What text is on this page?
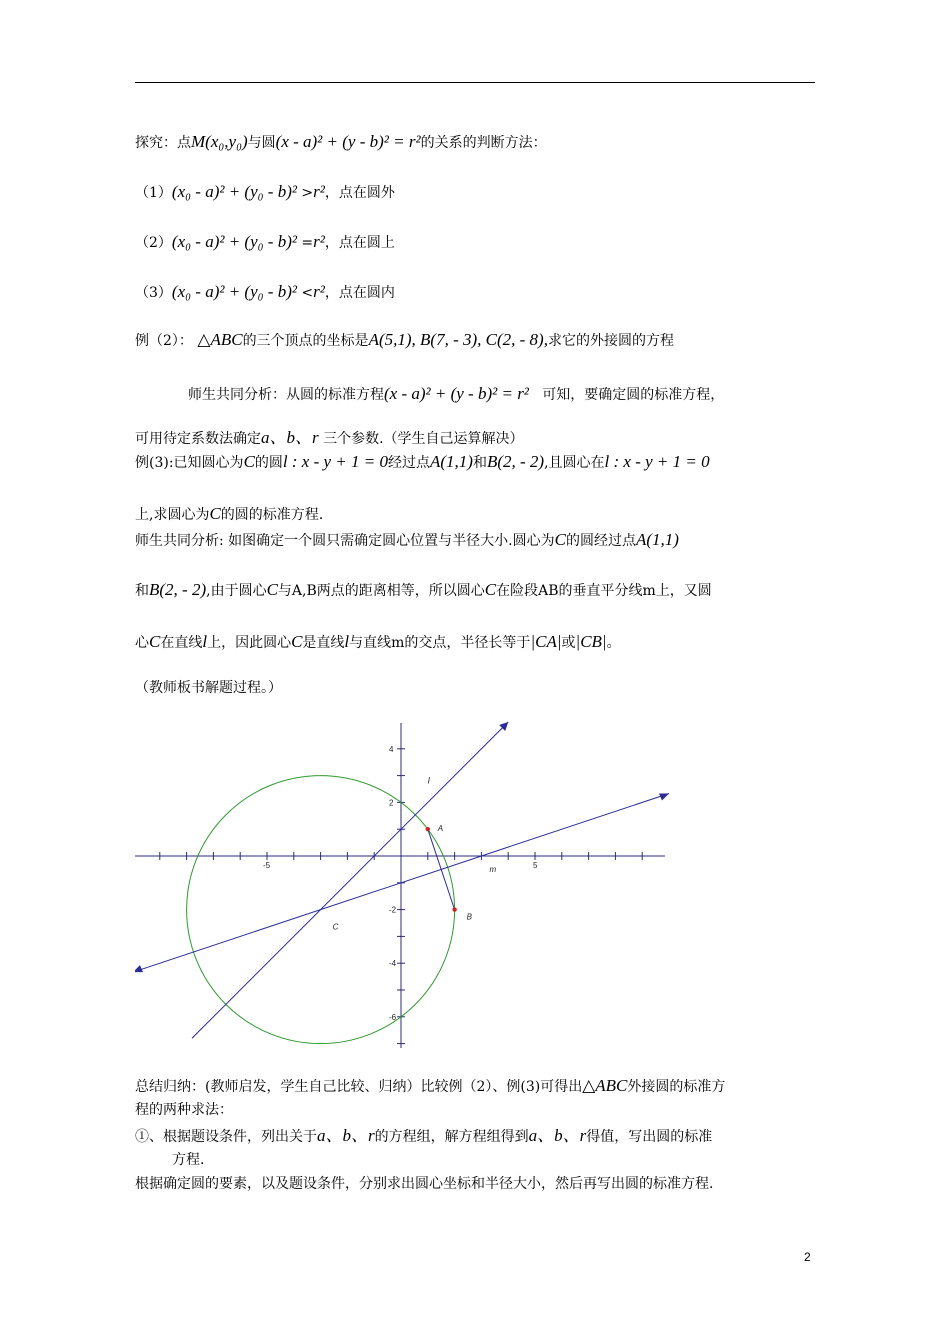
探究：点M(x₀,y₀)与圆(x - a)² + (y - b)² = r²的关系的判断方法：
（1）(x₀ - a)² + (y₀ - b)² >r²，点在圆外
（2）(x₀ - a)² + (y₀ - b)² =r²，点在圆上
（3）(x₀ - a)² + (y₀ - b)² <r²，点在圆内
例（2）： △ABC的三个顶点的坐标是A(5,1), B(7, - 3), C(2, - 8),求它的外接圆的方程
师生共同分析：从圆的标准方程(x - a)² + (y - b)² = r² 可知，要确定圆的标准方程，
可用待定系数法确定a、b、r 三个参数.（学生自己运算解决）
例(3):已知圆心为C的圆l : x - y + 1 = 0经过点A(1,1)和B(2, - 2),且圆心在l : x - y + 1 = 0
上,求圆心为C的圆的标准方程.
师生共同分析: 如图确定一个圆只需确定圆心位置与半径大小.圆心为C的圆经过点A(1,1)
和B(2, - 2),由于圆心C与A,B两点的距离相等，所以圆心C在险段AB的垂直平分线m上，又圆
心C在直线l上，因此圆心C是直线l与直线m的交点，半径长等于|CA|或|CB|。
（教师板书解题过程。）
-5	5
4
2
-2
-4
-6
A
B
C
m
l
总结归纳：(教师启发，学生自己比较、归纳）比较例（2）、例(3)可得出△ABC外接圆的标准方
程的两种求法：
①、根据题设条件，列出关于a、b、r的方程组，解方程组得到a、b、r得值，写出圆的标准
方程.
根据确定圆的要素，以及题设条件，分别求出圆心坐标和半径大小，然后再写出圆的标准方程.
2
